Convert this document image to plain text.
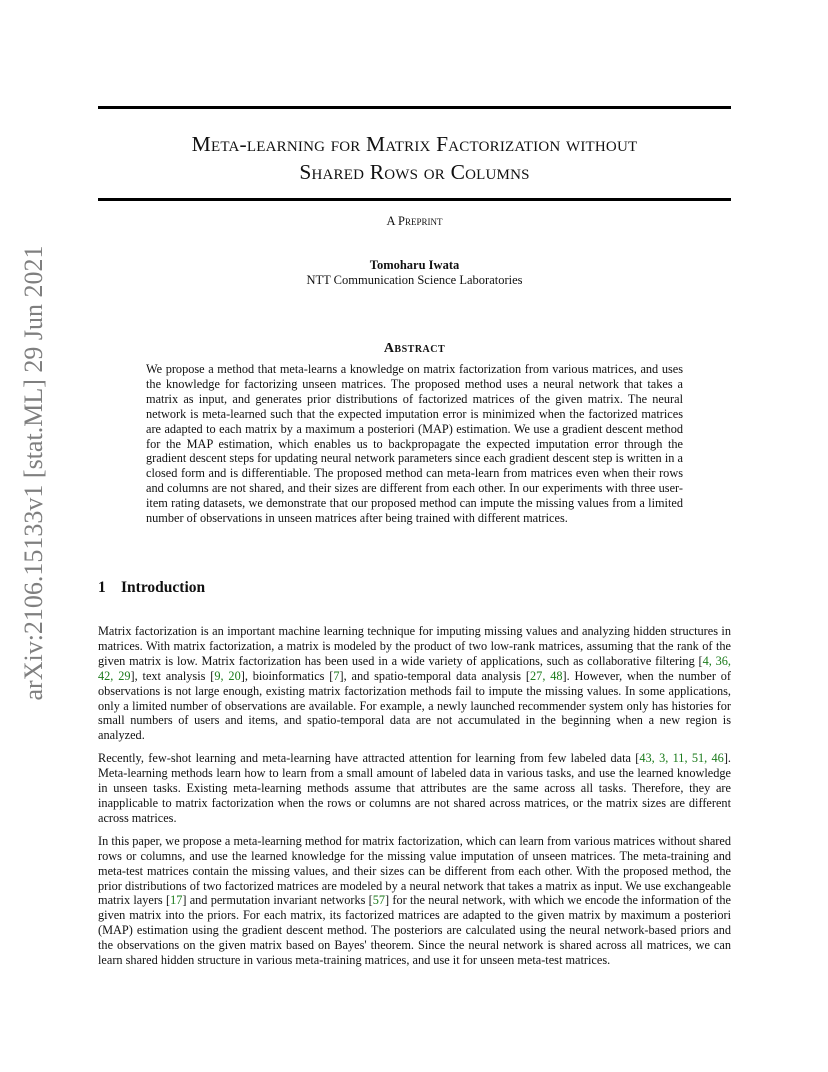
arXiv:2106.15133v1 [stat.ML] 29 Jun 2021
Meta-learning for Matrix Factorization without
Shared Rows or Columns
A Preprint
Tomoharu Iwata
NTT Communication Science Laboratories
Abstract
We propose a method that meta-learns a knowledge on matrix factorization from various matrices, and uses the knowledge for factorizing unseen matrices. The proposed method uses a neural network that takes a matrix as input, and generates prior distributions of factorized matrices of the given matrix. The neural network is meta-learned such that the expected imputation error is minimized when the factorized matrices are adapted to each matrix by a maximum a posteriori (MAP) estimation. We use a gradient descent method for the MAP estimation, which enables us to backpropagate the expected imputation error through the gradient descent steps for updating neural network parameters since each gradient descent step is written in a closed form and is differentiable. The proposed method can meta-learn from matrices even when their rows and columns are not shared, and their sizes are different from each other. In our experiments with three user-item rating datasets, we demonstrate that our proposed method can impute the missing values from a limited number of observations in unseen matrices after being trained with different matrices.
1 Introduction

Matrix factorization is an important machine learning technique for imputing missing values and analyzing hidden structures in matrices. With matrix factorization, a matrix is modeled by the product of two low-rank matrices, assuming that the rank of the given matrix is low. Matrix factorization has been used in a wide variety of applications, such as collaborative filtering [4, 36, 42, 29], text analysis [9, 20], bioinformatics [7], and spatio-temporal data analysis [27, 48]. However, when the number of observations is not large enough, existing matrix factorization methods fail to impute the missing values. In some applications, only a limited number of observations are available. For example, a newly launched recommender system only has histories for small numbers of users and items, and spatio-temporal data are not accumulated in the beginning when a new region is analyzed.

Recently, few-shot learning and meta-learning have attracted attention for learning from few labeled data [43, 3, 11, 51, 46]. Meta-learning methods learn how to learn from a small amount of labeled data in various tasks, and use the learned knowledge in unseen tasks. Existing meta-learning methods assume that attributes are the same across all tasks. Therefore, they are inapplicable to matrix factorization when the rows or columns are not shared across matrices, or the matrix sizes are different across matrices.

In this paper, we propose a meta-learning method for matrix factorization, which can learn from various matrices without shared rows or columns, and use the learned knowledge for the missing value imputation of unseen matrices. The meta-training and meta-test matrices contain the missing values, and their sizes can be different from each other. With the proposed method, the prior distributions of two factorized matrices are modeled by a neural network that takes a matrix as input. We use exchangeable matrix layers [17] and permutation invariant networks [57] for the neural network, with which we encode the information of the given matrix into the priors. For each matrix, its factorized matrices are adapted to the given matrix by maximum a posteriori (MAP) estimation using the gradient descent method. The posteriors are calculated using the neural network-based priors and the observations on the given matrix based on Bayes' theorem. Since the neural network is shared across all matrices, we can learn shared hidden structure in various meta-training matrices, and use it for unseen meta-test matrices.
